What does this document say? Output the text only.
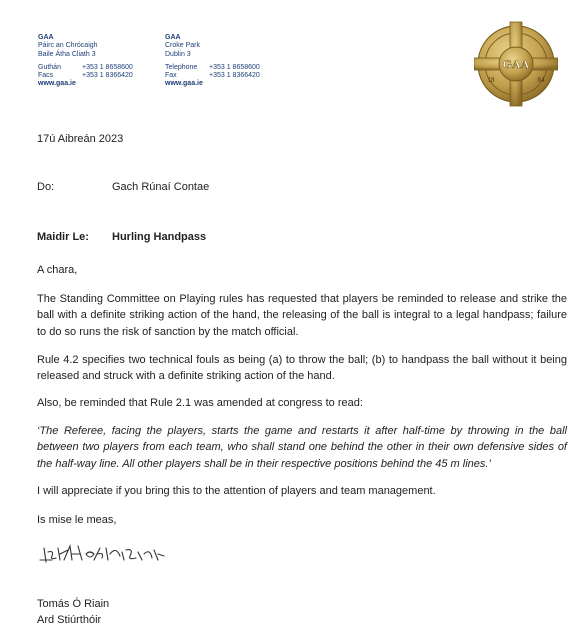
GAA
Páirc an Chrócaigh
Baile Átha Cliath 3
Guthán	+353 1 8658600
Facs	+353 1 8366420
www.gaa.ie
GAA
Croke Park
Dublin 3
Telephone	+353 1 8658600
Fax	+353 1 8366420
www.gaa.ie
GAA
18	84
17ú Aibreán 2023
Do:	Gach Rúnaí Contae
Maidir Le: Hurling Handpass
A chara,
The Standing Committee on Playing rules has requested that players be reminded to release and strike the ball with a definite striking action of the hand, the releasing of the ball is integral to a legal handpass; failure to do so runs the risk of sanction by the match official.
Rule 4.2 specifies two technical fouls as being (a) to throw the ball; (b) to handpass the ball without it being released and struck with a definite striking action of the hand.
Also, be reminded that Rule 2.1 was amended at congress to read:
‘The Referee, facing the players, starts the game and restarts it after half-time by throwing in the ball between two players from each team, who shall stand one behind the other in their own defensive sides of the half-way line. All other players shall be in their respective positions behind the 45 m lines.’
I will appreciate if you bring this to the attention of players and team management.
Is mise le meas,
Tomás Ó Riain
Ard Stiúrthóir
